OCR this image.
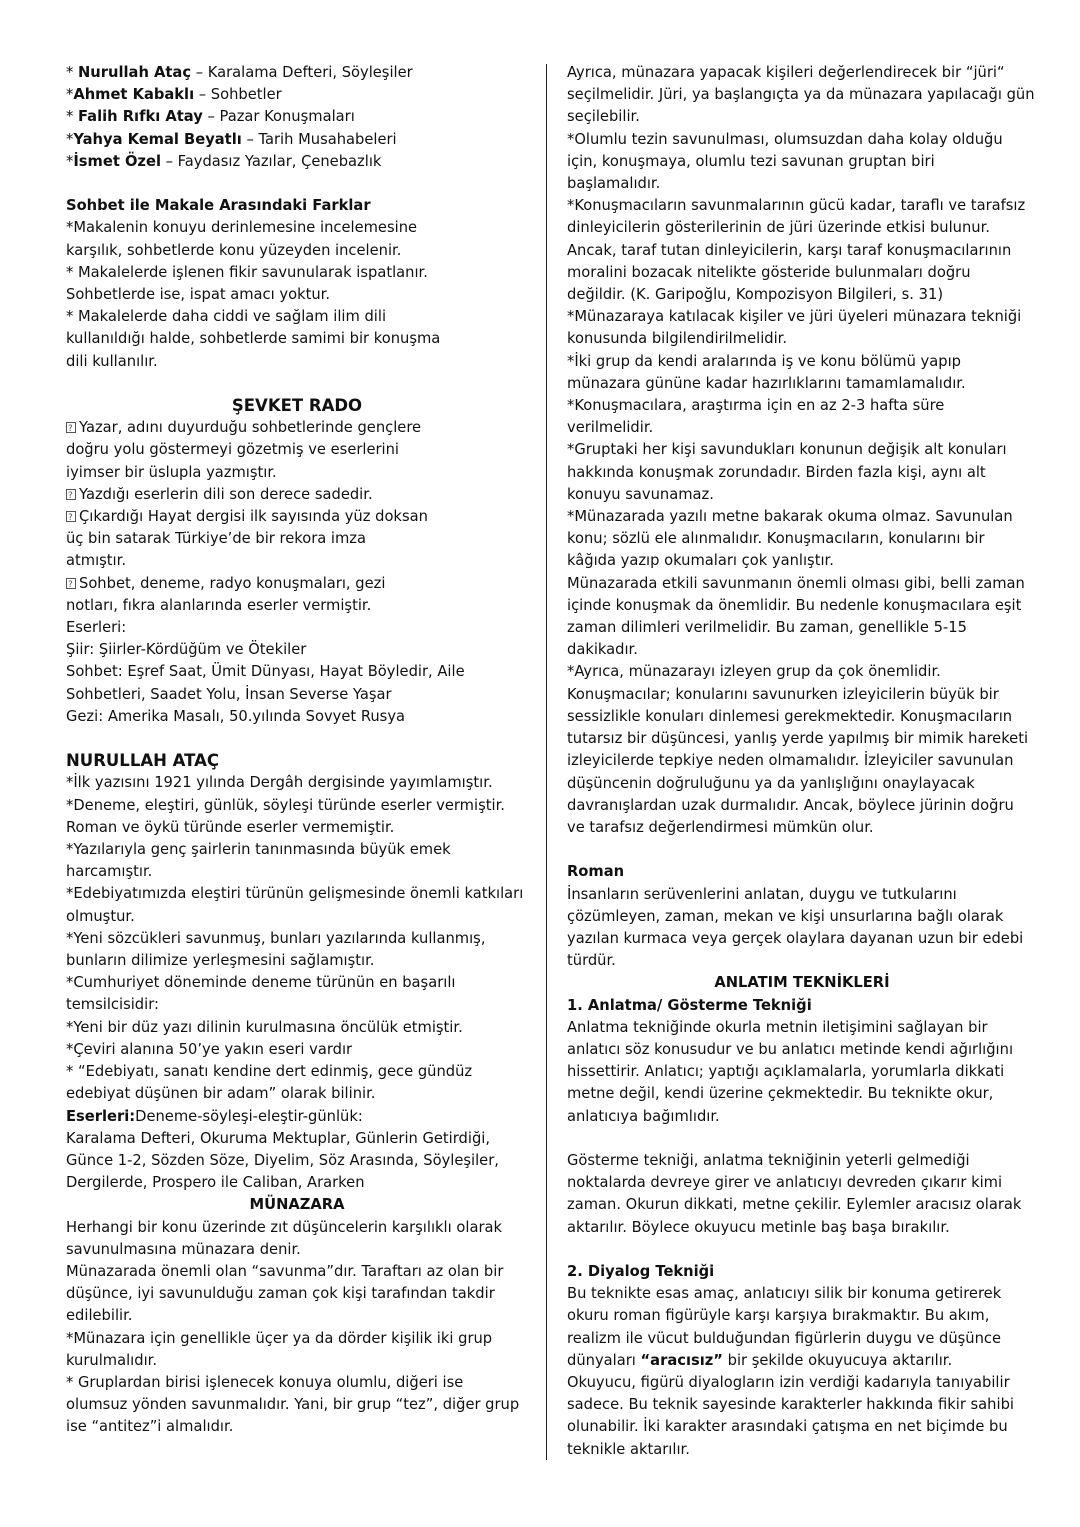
* Nurullah Ataç – Karalama Defteri, Söyleşiler
*Ahmet Kabaklı – Sohbetler
* Falih Rıfkı Atay – Pazar Konuşmaları
*Yahya Kemal Beyatlı – Tarih Musahabeleri
*İsmet Özel – Faydasız Yazılar, Çenebazlık
Sohbet ile Makale Arasındaki Farklar
*Makalenin konuyu derinlemesine incelemesine
karşılık, sohbetlerde konu yüzeyden incelenir.
* Makalelerde işlenen fikir savunularak ispatlanır.
Sohbetlerde ise, ispat amacı yoktur.
* Makalelerde daha ciddi ve sağlam ilim dili
kullanıldığı halde, sohbetlerde samimi bir konuşma
dili kullanılır.
ŞEVKET RADO
?Yazar, adını duyurduğu sohbetlerinde gençlere
doğru yolu göstermeyi gözetmiş ve eserlerini
iyimser bir üslupla yazmıştır.
?Yazdığı eserlerin dili son derece sadedir.
?Çıkardığı Hayat dergisi ilk sayısında yüz doksan
üç bin satarak Türkiye’de bir rekora imza
atmıştır.
?Sohbet, deneme, radyo konuşmaları, gezi
notları, fıkra alanlarında eserler vermiştir.
Eserleri:
Şiir: Şiirler-Kördüğüm ve Ötekiler
Sohbet: Eşref Saat, Ümit Dünyası, Hayat Böyledir, Aile
Sohbetleri, Saadet Yolu, İnsan Severse Yaşar
Gezi: Amerika Masalı, 50.yılında Sovyet Rusya
NURULLAH ATAÇ
*İlk yazısını 1921 yılında Dergâh dergisinde yayımlamıştır.
*Deneme, eleştiri, günlük, söyleşi türünde eserler vermiştir.
Roman ve öykü türünde eserler vermemiştir.
*Yazılarıyla genç şairlerin tanınmasında büyük emek
harcamıştır.
*Edebiyatımızda eleştiri türünün gelişmesinde önemli katkıları
olmuştur.
*Yeni sözcükleri savunmuş, bunları yazılarında kullanmış,
bunların dilimize yerleşmesini sağlamıştır.
*Cumhuriyet döneminde deneme türünün en başarılı
temsilcisidir:
*Yeni bir düz yazı dilinin kurulmasına öncülük etmiştir.
*Çeviri alanına 50’ye yakın eseri vardır
* “Edebiyatı, sanatı kendine dert edinmiş, gece gündüz
edebiyat düşünen bir adam” olarak bilinir.
Eserleri:Deneme-söyleşi-eleştir-günlük:
Karalama Defteri, Okuruma Mektuplar, Günlerin Getirdiği,
Günce 1-2, Sözden Söze, Diyelim, Söz Arasında, Söyleşiler,
Dergilerde, Prospero ile Caliban, Ararken
MÜNAZARA
Herhangi bir konu üzerinde zıt düşüncelerin karşılıklı olarak
savunulmasına münazara denir.
Münazarada önemli olan “savunma”dır. Taraftarı az olan bir
düşünce, iyi savunulduğu zaman çok kişi tarafından takdir
edilebilir.
*Münazara için genellikle üçer ya da dörder kişilik iki grup
kurulmalıdır.
* Gruplardan birisi işlenecek konuya olumlu, diğeri ise
olumsuz yönden savunmalıdır. Yani, bir grup “tez”, diğer grup
ise “antitez”i almalıdır.
Ayrıca, münazara yapacak kişileri değerlendirecek bir “jüri“
seçilmelidir. Jüri, ya başlangıçta ya da münazara yapılacağı gün
seçilebilir.
*Olumlu tezin savunulması, olumsuzdan daha kolay olduğu
için, konuşmaya, olumlu tezi savunan gruptan biri
başlamalıdır.
*Konuşmacıların savunmalarının gücü kadar, taraflı ve tarafsız
dinleyicilerin gösterilerinin de jüri üzerinde etkisi bulunur.
Ancak, taraf tutan dinleyicilerin, karşı taraf konuşmacılarının
moralini bozacak nitelikte gösteride bulunmaları doğru
değildir. (K. Garipoğlu, Kompozisyon Bilgileri, s. 31)
*Münazaraya katılacak kişiler ve jüri üyeleri münazara tekniği
konusunda bilgilendirilmelidir.
*İki grup da kendi aralarında iş ve konu bölümü yapıp
münazara gününe kadar hazırlıklarını tamamlamalıdır.
*Konuşmacılara, araştırma için en az 2-3 hafta süre
verilmelidir.
*Gruptaki her kişi savundukları konunun değişik alt konuları
hakkında konuşmak zorundadır. Birden fazla kişi, aynı alt
konuyu savunamaz.
*Münazarada yazılı metne bakarak okuma olmaz. Savunulan
konu; sözlü ele alınmalıdır. Konuşmacıların, konularını bir
kâğıda yazıp okumaları çok yanlıştır.
Münazarada etkili savunmanın önemli olması gibi, belli zaman
içinde konuşmak da önemlidir. Bu nedenle konuşmacılara eşit
zaman dilimleri verilmelidir. Bu zaman, genellikle 5-15
dakikadır.
*Ayrıca, münazarayı izleyen grup da çok önemlidir.
Konuşmacılar; konularını savunurken izleyicilerin büyük bir
sessizlikle konuları dinlemesi gerekmektedir. Konuşmacıların
tutarsız bir düşüncesi, yanlış yerde yapılmış bir mimik hareketi
izleyicilerde tepkiye neden olmamalıdır. İzleyiciler savunulan
düşüncenin doğruluğunu ya da yanlışlığını onaylayacak
davranışlardan uzak durmalıdır. Ancak, böylece jürinin doğru
ve tarafsız değerlendirmesi mümkün olur.
Roman
İnsanların serüvenlerini anlatan, duygu ve tutkularını
çözümleyen, zaman, mekan ve kişi unsurlarına bağlı olarak
yazılan kurmaca veya gerçek olaylara dayanan uzun bir edebi
türdür.
ANLATIM TEKNİKLERİ
1. Anlatma/ Gösterme Tekniği
Anlatma tekniğinde okurla metnin iletişimini sağlayan bir
anlatıcı söz konusudur ve bu anlatıcı metinde kendi ağırlığını
hissettirir. Anlatıcı; yaptığı açıklamalarla, yorumlarla dikkati
metne değil, kendi üzerine çekmektedir. Bu teknikte okur,
anlatıcıya bağımlıdır.
Gösterme tekniği, anlatma tekniğinin yeterli gelmediği
noktalarda devreye girer ve anlatıcıyı devreden çıkarır kimi
zaman. Okurun dikkati, metne çekilir. Eylemler aracısız olarak
aktarılır. Böylece okuyucu metinle baş başa bırakılır.
2. Diyalog Tekniği
Bu teknikte esas amaç, anlatıcıyı silik bir konuma getirerek
okuru roman figürüyle karşı karşıya bırakmaktır. Bu akım,
realizm ile vücut bulduğundan figürlerin duygu ve düşünce
dünyaları “aracısız” bir şekilde okuyucuya aktarılır.
Okuyucu, figürü diyalogların izin verdiği kadarıyla tanıyabilir
sadece. Bu teknik sayesinde karakterler hakkında fikir sahibi
olunabilir. İki karakter arasındaki çatışma en net biçimde bu
teknikle aktarılır.
